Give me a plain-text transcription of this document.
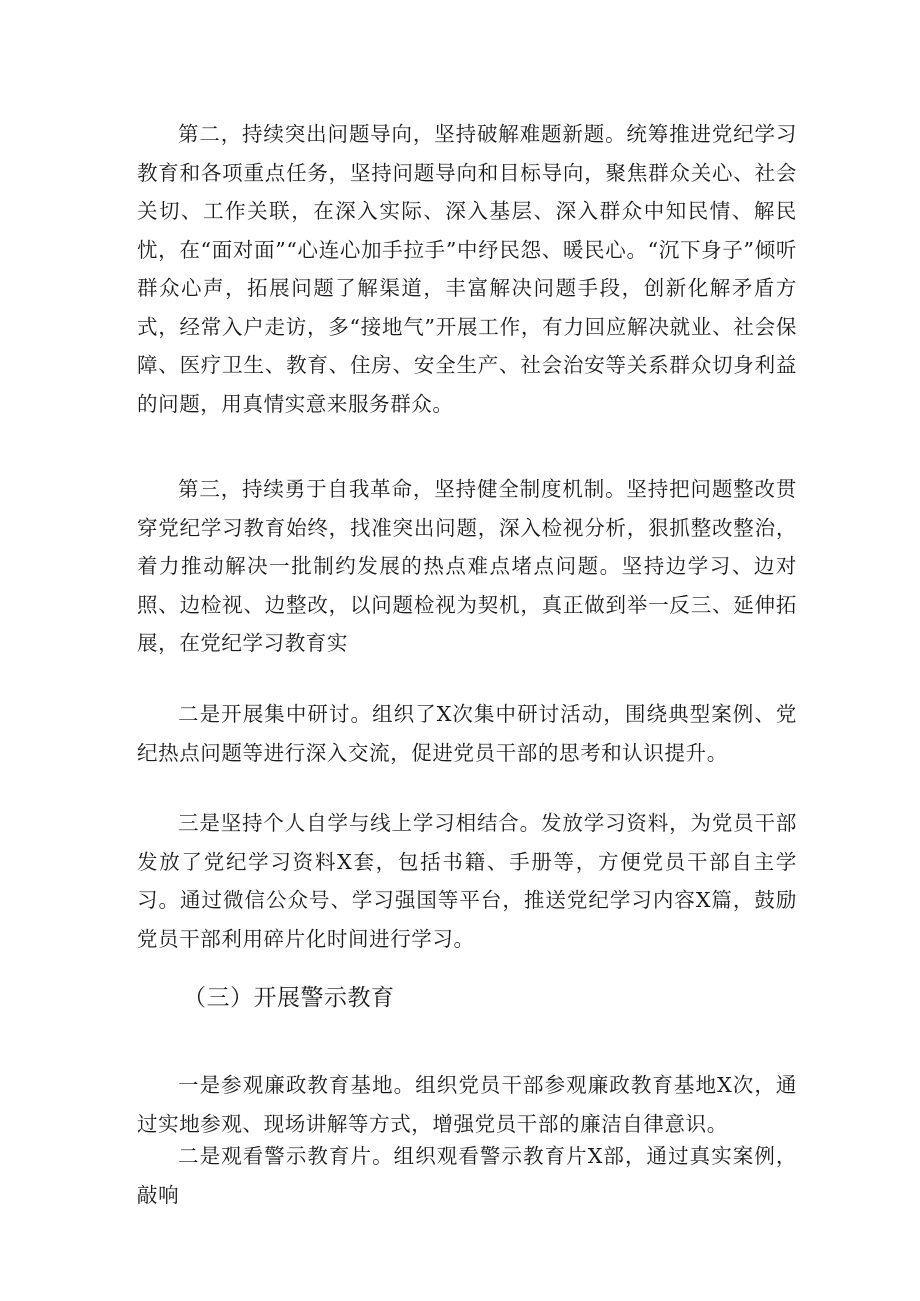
第二，持续突出问题导向，坚持破解难题新题。统筹推进党纪学习教育和各项重点任务，坚持问题导向和目标导向，聚焦群众关心、社会关切、工作关联，在深入实际、深入基层、深入群众中知民情、解民忧，在“面对面”“心连心加手拉手”中纾民怨、暖民心。“沉下身子”倾听群众心声，拓展问题了解渠道，丰富解决问题手段，创新化解矛盾方式，经常入户走访，多“接地气”开展工作，有力回应解决就业、社会保障、医疗卫生、教育、住房、安全生产、社会治安等关系群众切身利益的问题，用真情实意来服务群众。

第三，持续勇于自我革命，坚持健全制度机制。坚持把问题整改贯穿党纪学习教育始终，找准突出问题，深入检视分析，狠抓整改整治，着力推动解决一批制约发展的热点难点堵点问题。坚持边学习、边对照、边检视、边整改，以问题检视为契机，真正做到举一反三、延伸拓展，在党纪学习教育实

二是开展集中研讨。组织了X次集中研讨活动，围绕典型案例、党纪热点问题等进行深入交流，促进党员干部的思考和认识提升。

三是坚持个人自学与线上学习相结合。发放学习资料，为党员干部发放了党纪学习资料X套，包括书籍、手册等，方便党员干部自主学习。通过微信公众号、学习强国等平台，推送党纪学习内容X篇，鼓励党员干部利用碎片化时间进行学习。

（三）开展警示教育

一是参观廉政教育基地。组织党员干部参观廉政教育基地X次，通过实地参观、现场讲解等方式，增强党员干部的廉洁自律意识。

二是观看警示教育片。组织观看警示教育片X部，通过真实案例，敲响
